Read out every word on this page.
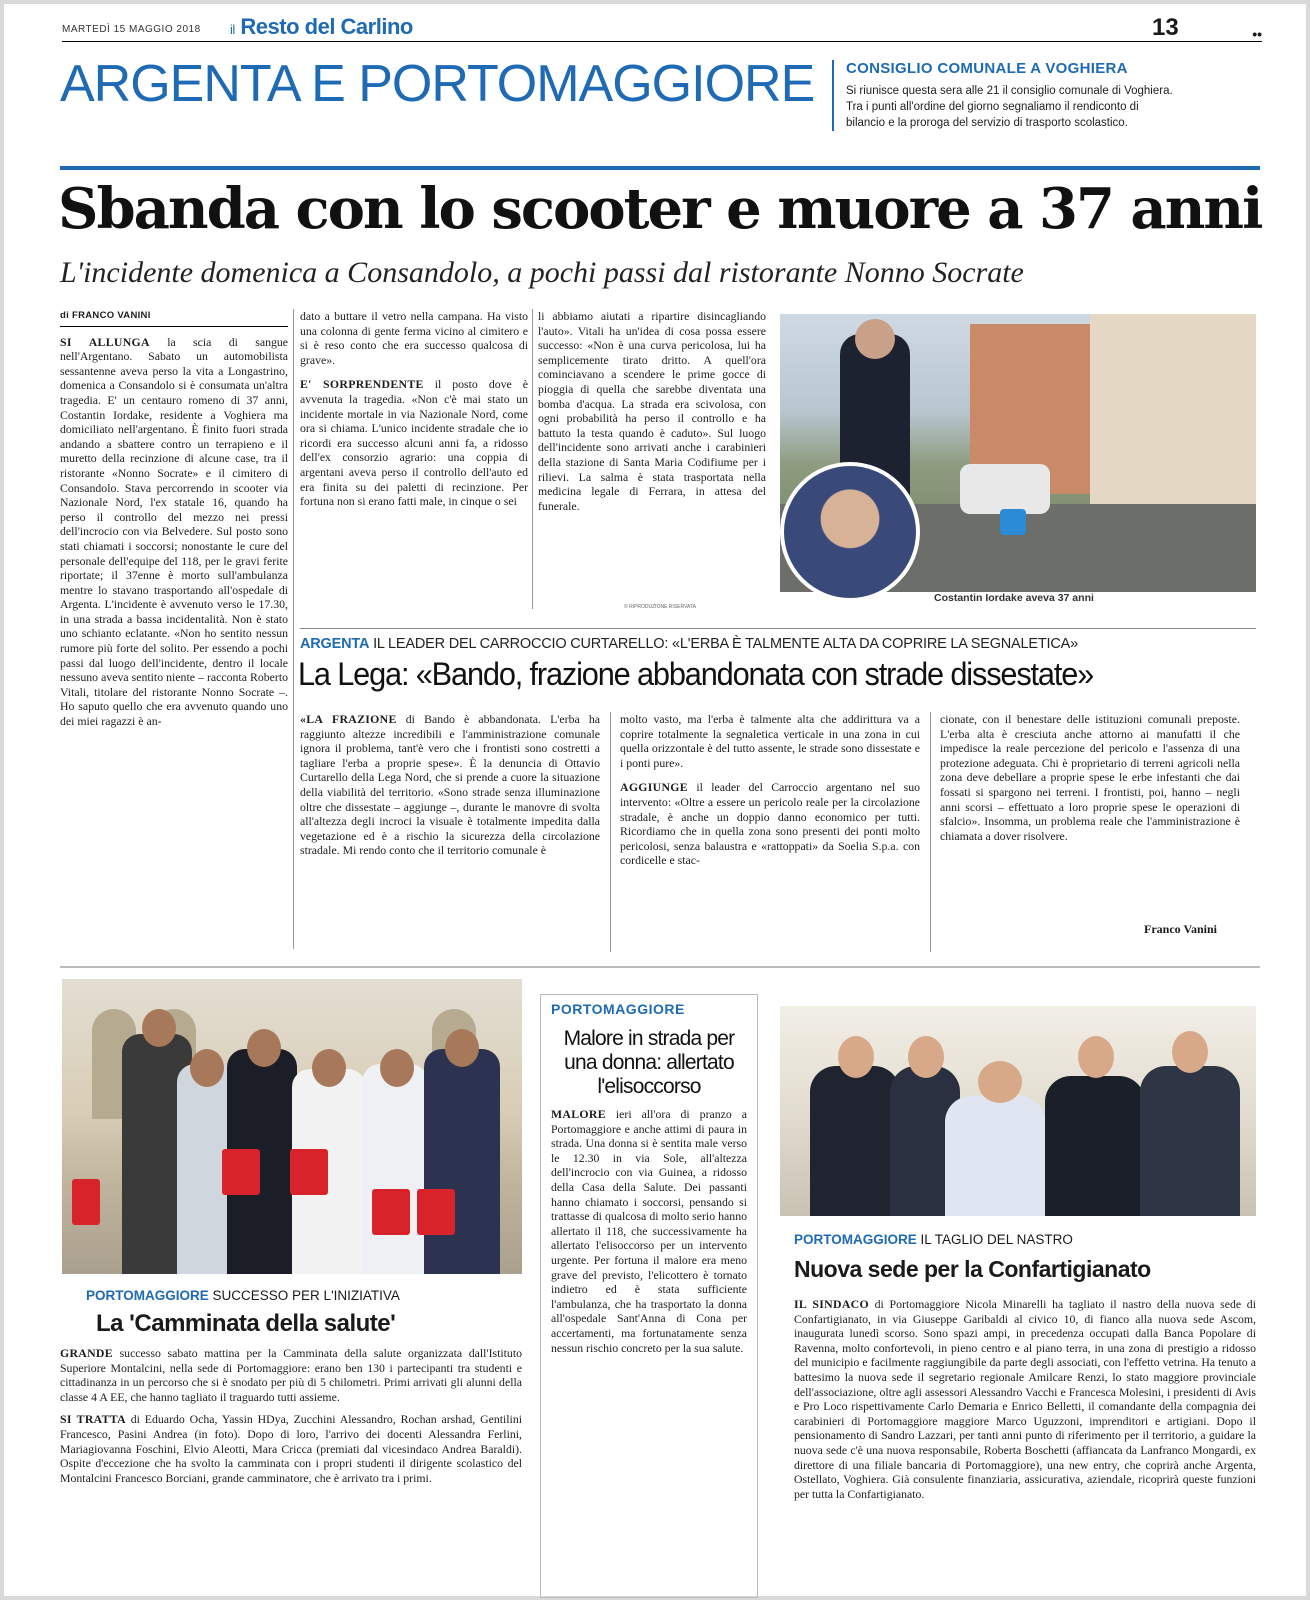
MARTEDÌ 15 MAGGIO 2018 il Resto del Carlino	13	••
ARGENTA E PORTOMAGGIORE CONSIGLIO COMUNALE A VOGHIERA
Si riunisce questa sera alle 21 il consiglio comunale di Voghiera. Tra i punti all'ordine del giorno segnaliamo il rendiconto di bilancio e la proroga del servizio di trasporto scolastico.
Sbanda con lo scooter e muore a 37 anni
L'incidente domenica a Consandolo, a pochi passi dal ristorante Nonno Socrate
di FRANCO VANINI

SI ALLUNGA la scia di sangue nell'Argentano. Sabato un automobilista sessantenne aveva perso la vita a Longastrino, domenica a Consandolo si è consumata un'altra tragedia. E' un centauro romeno di 37 anni, Costantin Iordake, residente a Voghiera ma domiciliato nell'argentano. È finito fuori strada andando a sbattere contro un terrapieno e il muretto della recinzione di alcune case, tra il ristorante «Nonno Socrate» e il cimitero di Consandolo. Stava percorrendo in scooter via Nazionale Nord, l'ex statale 16, quando ha perso il controllo del mezzo nei pressi dell'incrocio con via Belvedere. Sul posto sono stati chiamati i soccorsi; nonostante le cure del personale dell'equipe del 118, per le gravi ferite riportate; il 37enne è morto sull'ambulanza mentre lo stavano trasportando all'ospedale di Argenta. L'incidente è avvenuto verso le 17.30, in una strada a bassa incidentalità. Non è stato uno schianto eclatante. «Non ho sentito nessun rumore più forte del solito. Per essendo a pochi passi dal luogo dell'incidente, dentro il locale nessuno aveva sentito niente – racconta Roberto Vitali, titolare del ristorante Nonno Socrate –. Ho saputo quello che era avvenuto quando uno dei miei ragazzi è an-

dato a buttare il vetro nella campana. Ha visto una colonna di gente ferma vicino al cimitero e si è reso conto che era successo qualcosa di grave».

E' SORPRENDENTE il posto dove è avvenuta la tragedia. «Non c'è mai stato un incidente mortale in via Nazionale Nord, come ora si chiama. L'unico incidente stradale che io ricordi era successo alcuni anni fa, a ridosso dell'ex consorzio agrario: una coppia di argentani aveva perso il controllo dell'auto ed era finita su dei paletti di recinzione. Per fortuna non si erano fatti male, in cinque o sei

li abbiamo aiutati a ripartire disincagliando l'auto». Vitali ha un'idea di cosa possa essere successo: «Non è una curva pericolosa, lui ha semplicemente tirato dritto. A quell'ora cominciavano a scendere le prime gocce di pioggia di quella che sarebbe diventata una bomba d'acqua. La strada era scivolosa, con ogni probabilità ha perso il controllo e ha battuto la testa quando è caduto». Sul luogo dell'incidente sono arrivati anche i carabinieri della stazione di Santa Maria Codifiume per i rilievi. La salma è stata trasportata nella medicina legale di Ferrara, in attesa del funerale.

Costantin Iordake aveva 37 anni
© RIPRODUZIONE RISERVATA
ARGENTA IL LEADER DEL CARROCCIO CURTARELLO: «L'ERBA È TALMENTE ALTA DA COPRIRE LA SEGNALETICA»
La Lega: «Bando, frazione abbandonata con strade dissestate»

«LA FRAZIONE di Bando è abbandonata. L'erba ha raggiunto altezze incredibili e l'amministrazione comunale ignora il problema, tant'è vero che i frontisti sono costretti a tagliare l'erba a proprie spese». È la denuncia di Ottavio Curtarello della Lega Nord, che si prende a cuore la situazione della viabilità del territorio. «Sono strade senza illuminazione oltre che dissestate – aggiunge –, durante le manovre di svolta all'altezza degli incroci la visuale è totalmente impedita dalla vegetazione ed è a rischio la sicurezza della circolazione stradale. Mi rendo conto che il territorio comunale è

molto vasto, ma l'erba è talmente alta che addirittura va a coprire totalmente la segnaletica verticale in una zona in cui quella orizzontale è del tutto assente, le strade sono dissestate e i ponti pure».

AGGIUNGE il leader del Carroccio argentano nel suo intervento: «Oltre a essere un pericolo reale per la circolazione stradale, è anche un doppio danno economico per tutti. Ricordiamo che in quella zona sono presenti dei ponti molto pericolosi, senza balaustra e «rattoppati» da Soelia S.p.a. con cordicelle e stac-

cionate, con il benestare delle istituzioni comunali preposte. L'erba alta è cresciuta anche attorno ai manufatti il che impedisce la reale percezione del pericolo e l'assenza di una protezione adeguata. Chi è proprietario di terreni agricoli nella zona deve debellare a proprie spese le erbe infestanti che dai fossati si spargono nei terreni. I frontisti, poi, hanno – negli anni scorsi – effettuato a loro proprie spese le operazioni di sfalcio». Insomma, un problema reale che l'amministrazione è chiamata a dover risolvere.

Franco Vanini
PORTOMAGGIORE SUCCESSO PER L'INIZIATIVA
La 'Camminata della salute'

GRANDE successo sabato mattina per la Camminata della salute organizzata dall'Istituto Superiore Montalcini, nella sede di Portomaggiore: erano ben 130 i partecipanti tra studenti e cittadinanza in un percorso che si è snodato per più di 5 chilometri. Primi arrivati gli alunni della classe 4 A EE, che hanno tagliato il traguardo tutti assieme.

SI TRATTA di Eduardo Ocha, Yassin HDya, Zucchini Alessandro, Rochan arshad, Gentilini Francesco, Pasini Andrea (in foto). Dopo di loro, l'arrivo dei docenti Alessandra Ferlini, Mariagiovanna Foschini, Elvio Aleotti, Mara Cricca (premiati dal vicesindaco Andrea Baraldi). Ospite d'eccezione che ha svolto la camminata con i propri studenti il dirigente scolastico del Montalcini Francesco Borciani, grande camminatore, che è arrivato tra i primi.

PORTOMAGGIORE
Malore in strada per una donna: allertato l'elisoccorso

MALORE ieri all'ora di pranzo a Portomaggiore e anche attimi di paura in strada. Una donna si è sentita male verso le 12.30 in via Sole, all'altezza dell'incrocio con via Guinea, a ridosso della Casa della Salute. Dei passanti hanno chiamato i soccorsi, pensando si trattasse di qualcosa di molto serio hanno allertato il 118, che successivamente ha allertato l'elisoccorso per un intervento urgente. Per fortuna il malore era meno grave del previsto, l'elicottero è tornato indietro ed è stata sufficiente l'ambulanza, che ha trasportato la donna all'ospedale Sant'Anna di Cona per accertamenti, ma fortunatamente senza nessun rischio concreto per la sua salute.

PORTOMAGGIORE IL TAGLIO DEL NASTRO
Nuova sede per la Confartigianato

IL SINDACO di Portomaggiore Nicola Minarelli ha tagliato il nastro della nuova sede di Confartigianato, in via Giuseppe Garibaldi al civico 10, di fianco alla nuova sede Ascom, inaugurata lunedì scorso. Sono spazi ampi, in precedenza occupati dalla Banca Popolare di Ravenna, molto confortevoli, in pieno centro e al piano terra, in una zona di prestigio a ridosso del municipio e facilmente raggiungibile da parte degli associati, con l'effetto vetrina. Ha tenuto a battesimo la nuova sede il segretario regionale Amilcare Renzi, lo stato maggiore provinciale dell'associazione, oltre agli assessori Alessandro Vacchi e Francesca Molesini, i presidenti di Avis e Pro Loco rispettivamente Carlo Demaria e Enrico Belletti, il comandante della compagnia dei carabinieri di Portomaggiore maggiore Marco Uguzzoni, imprenditori e artigiani. Dopo il pensionamento di Sandro Lazzari, per tanti anni punto di riferimento per il territorio, a guidare la nuova sede c'è una nuova responsabile, Roberta Boschetti (affiancata da Lanfranco Mongardi, ex direttore di una filiale bancaria di Portomaggiore), una new entry, che coprirà anche Argenta, Ostellato, Voghiera. Già consulente finanziaria, assicurativa, aziendale, ricoprirà queste funzioni per tutta la Confartigianato.
